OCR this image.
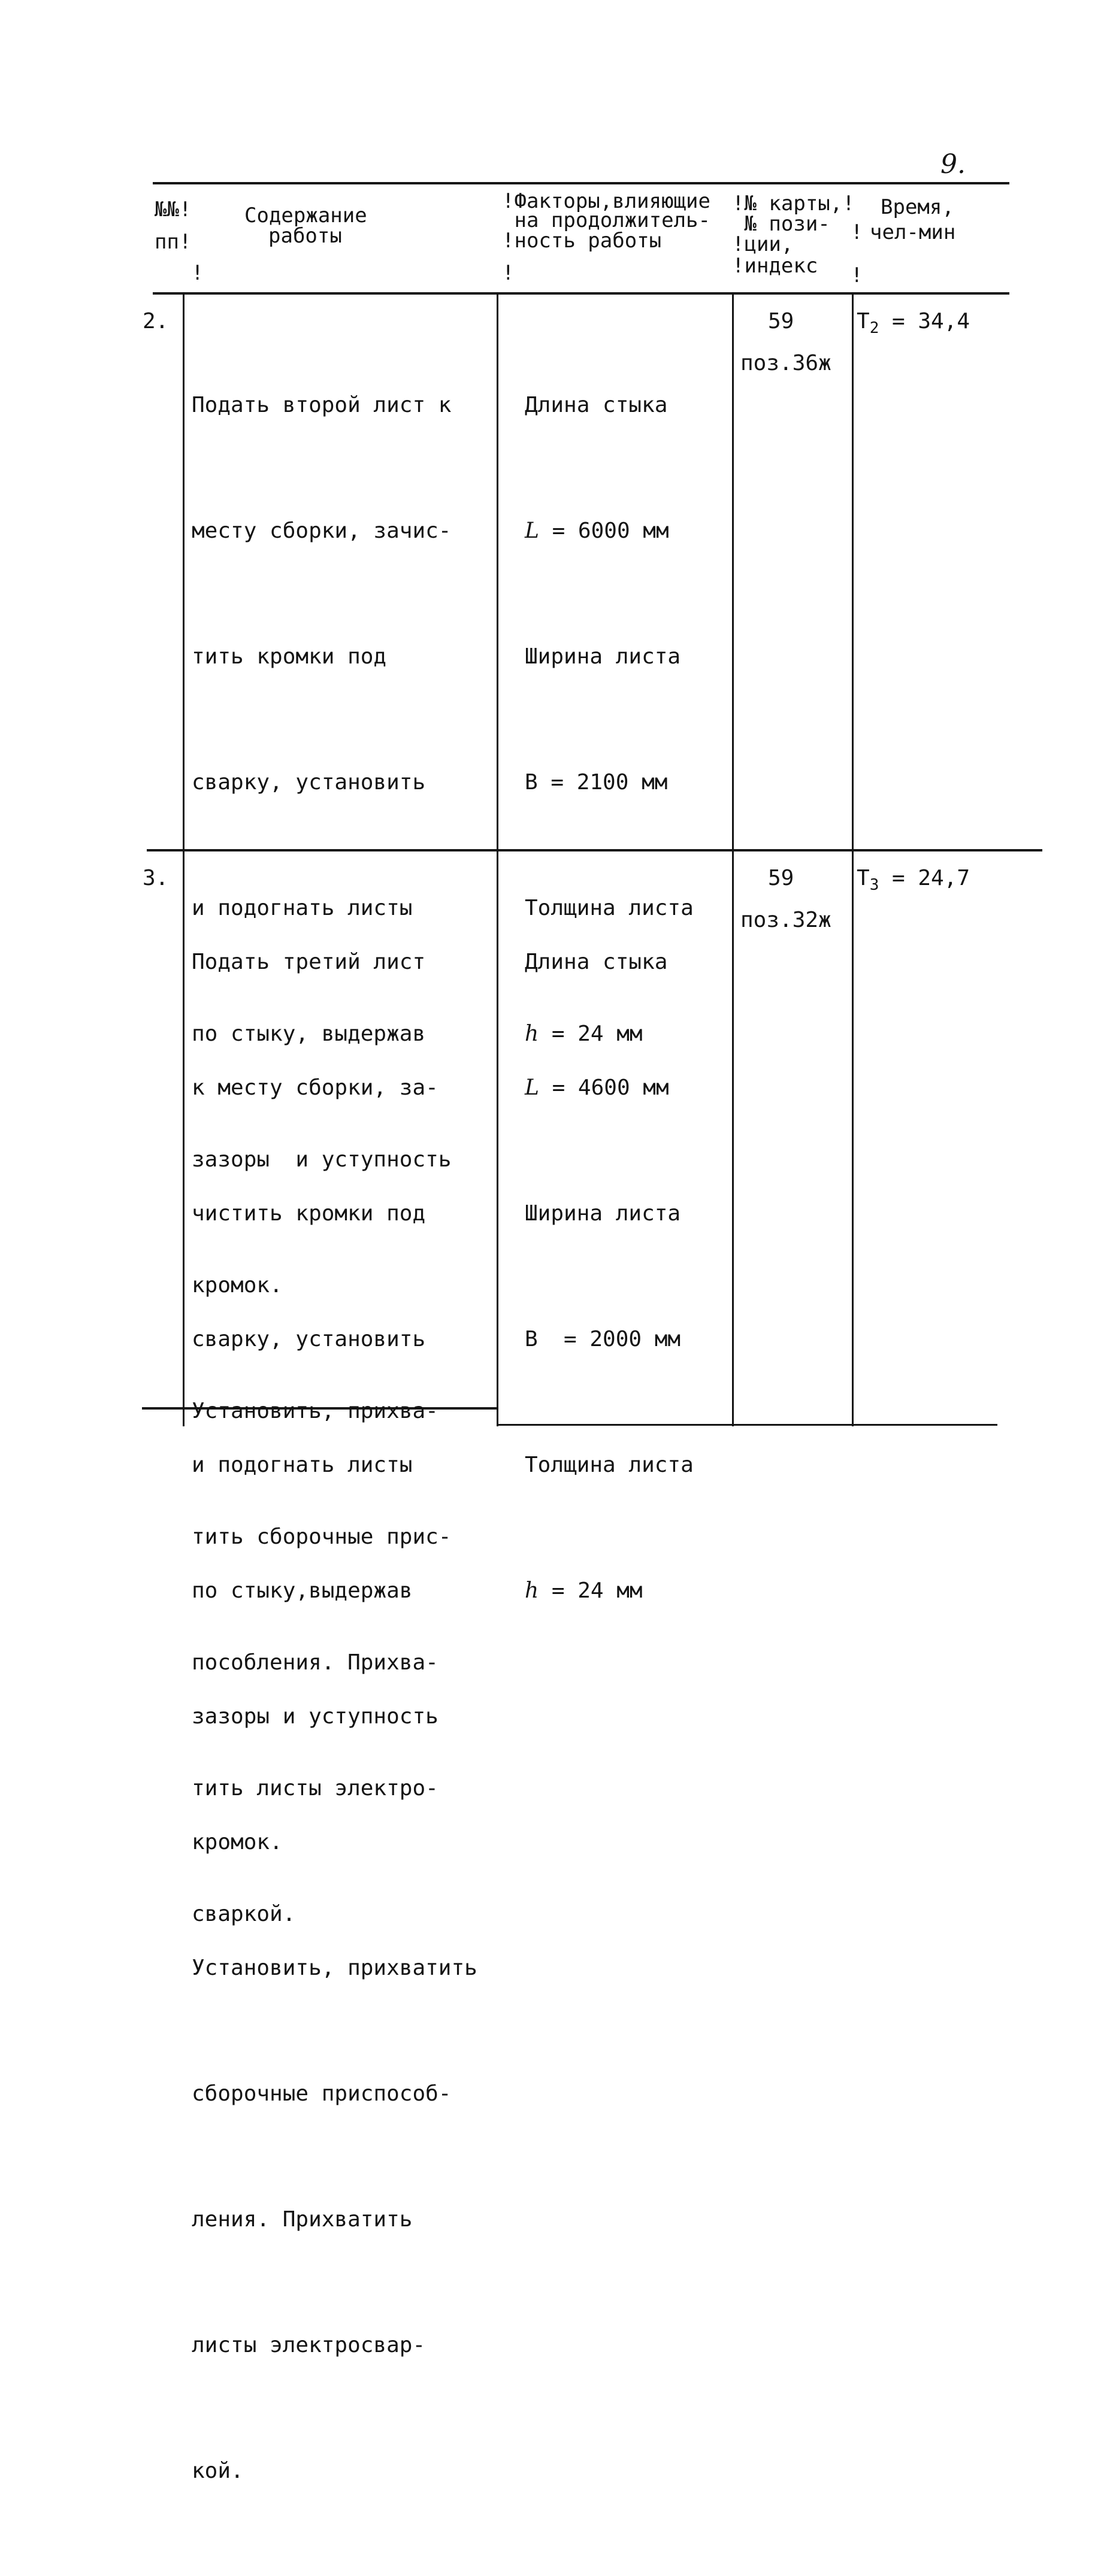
9.
№№!
пп!
!
Содержание
работы
!Факторы,влияющие
на продолжитель-
!ность работы
!
!№ карты,!
№ пози-
!ции,
!индекс
!
!
Время,
чел-мин
2.

Подать второй лист к

месту сборки, зачис-

тить кромки под

сварку, установить

и подогнать листы

по стыку, выдержав

зазоры  и уступность

кромок.

Установить, прихва-

тить сборочные прис-

пособления. Прихва-

тить листы электро-

сваркой.

Длина стыка

L = 6000 мм

Ширина листа

В = 2100 мм

Толщина листа

h = 24 мм

59
поз.36ж
$Т_2 = 34,4$
3.

Подать третий лист

к месту сборки, за-

чистить кромки под

сварку, установить

и подогнать листы

по стыку,выдержав

зазоры и уступность

кромок.

Установить, прихватить

сборочные приспособ-

ления. Прихватить

листы электросвар-

кой.

Длина стыка

L = 4600 мм

Ширина листа

В  = 2000 мм

Толщина листа

h = 24 мм

59
поз.32ж
$Т_3 = 24,7$
